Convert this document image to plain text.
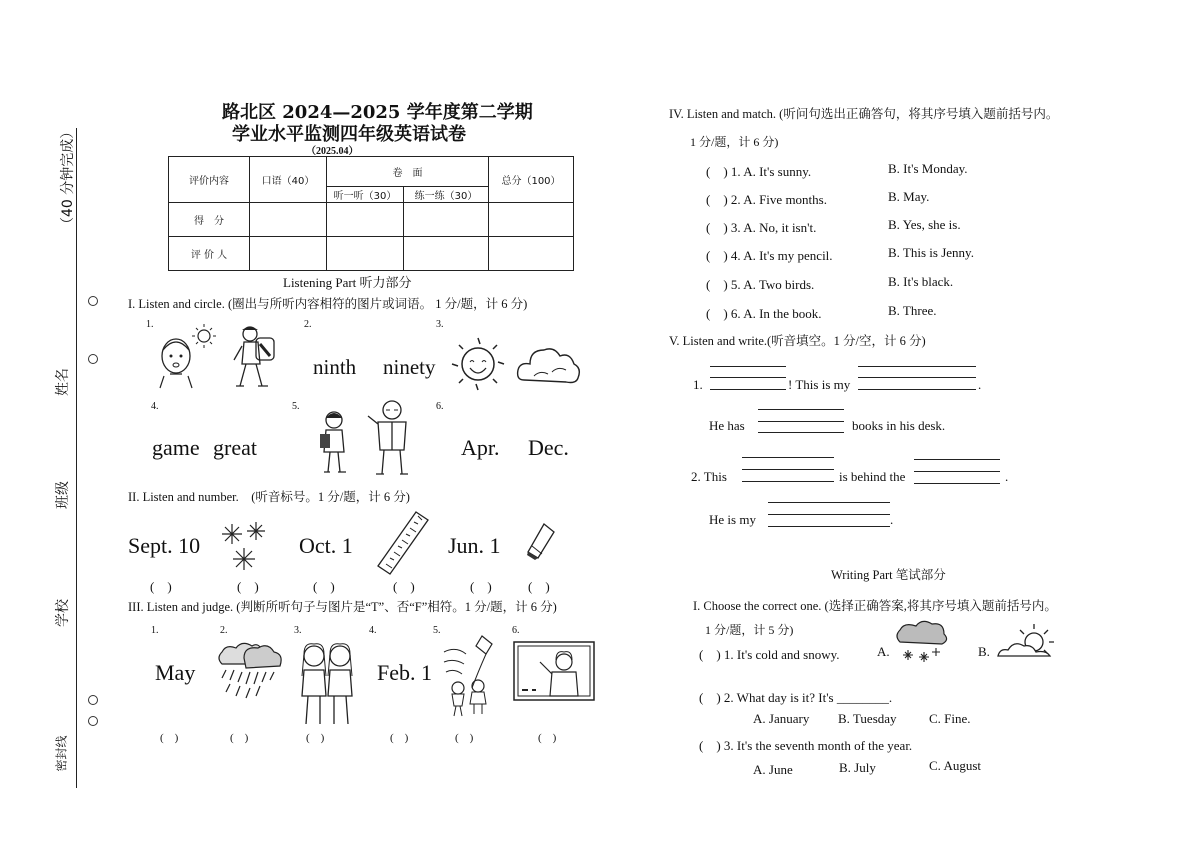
（40 分钟完成）
姓名
班级
学校
密封线
路北区 2024—2025 学年度第二学期
学业水平监测四年级英语试卷
（2025.04）
评价内容	口语（40）	卷　面		总分（100）
		听一听（30）	练一练（30）	
得　分				
评 价 人				
Listening Part 听力部分
I. Listen and circle. (圈出与所听内容相符的图片或词语。 1 分/题，计 6 分)
1.	2.	3.
ninth ninety
4.	5.	6.
game great	Apr. Dec.
II. Listen and number.　(听音标号。1 分/题，计 6 分)
Sept. 10	Oct. 1	Jun. 1
(　)	(　)	(　)	(　)	(　)	(　)
III. Listen and judge. (判断所听句子与图片是“T”、否“F”相符。1 分/题，计 6 分)
1.	2.	3.	4.	5.	6.
May	Feb. 1
(　)	(　)	(　)	(　)	(　)	(　)
IV. Listen and match. (听问句选出正确答句，将其序号填入题前括号内。
1 分/题，计 6 分)
(　) 1. A. It's sunny.	B. It's Monday.
(　) 2. A. Five months.	B. May.
(　) 3. A. No, it isn't.	B. Yes, she is.
(　) 4. A. It's my pencil.	B. This is Jenny.
(　) 5. A. Two birds.	B. It's black.
(　) 6. A. In the book.	B. Three.
V. Listen and write.(听音填空。1 分/空，计 6 分)
1.	! This is my	.
He has	books in his desk.
2. This	is behind the	.
He is my	.
Writing Part 笔试部分
I. Choose the correct one. (选择正确答案,将其序号填入题前括号内。
1 分/题，计 5 分)
(　) 1. It's cold and snowy.	A.	B.
(　) 2. What day is it? It's ________.
A. January B. Tuesday C. Fine.
(　) 3. It's the seventh month of the year.
A. June	B. July	C. August
